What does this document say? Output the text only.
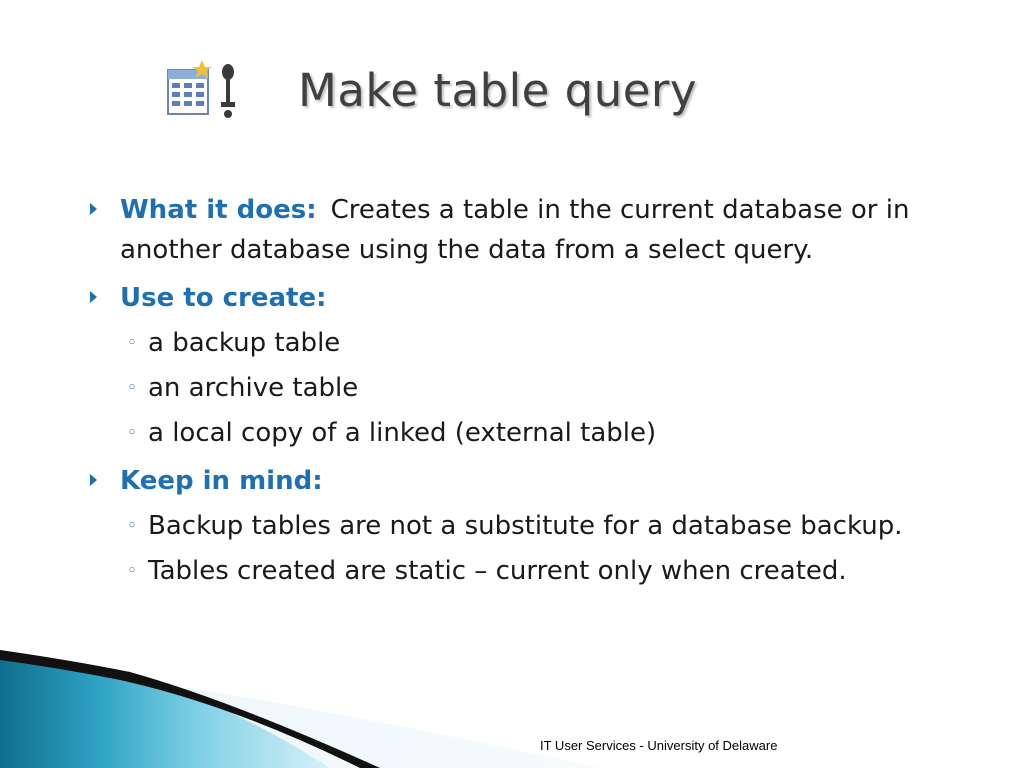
Make table query
What it does: Creates a table in the current database or in another database using the data from a select query.
Use to create:
◦ a backup table
◦ an archive table
◦ a local copy of a linked (external table)
Keep in mind:
◦ Backup tables are not a substitute for a database backup.
◦ Tables created are static – current only when created.
IT User Services - University of Delaware
